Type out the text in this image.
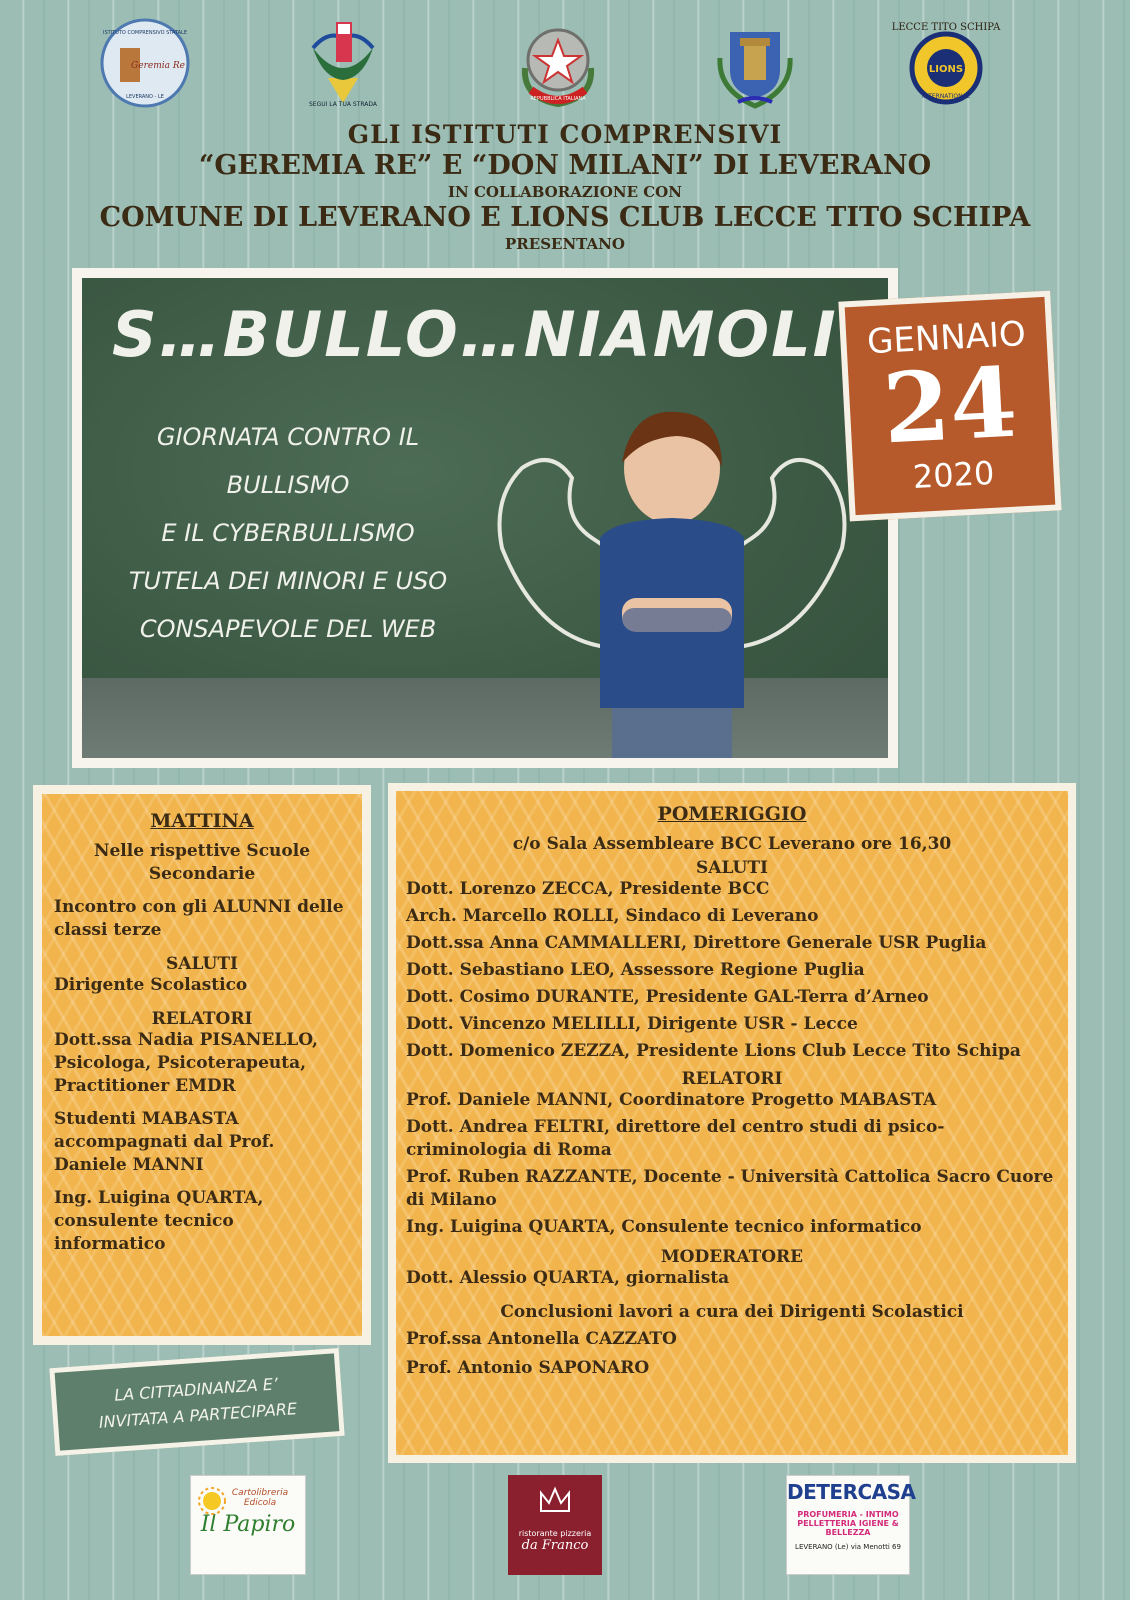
Geremia Re
ISTITUTO COMPRENSIVO STATALE
LEVERANO - LE
SEGUI LA TUA STRADA
REPUBBLICA ITALIANA
LIONS
LECCE TITO SCHIPA
INTERNATIONAL
GLI ISTITUTI COMPRENSIVI
“GEREMIA RE” E “DON MILANI” DI LEVERANO
IN COLLABORAZIONE CON
COMUNE DI LEVERANO E LIONS CLUB LECCE TITO SCHIPA
PRESENTANO
S…BULLO…NIAMOLI
GIORNATA CONTRO IL
BULLISMO
E IL CYBERBULLISMO
TUTELA DEI MINORI E USO
CONSAPEVOLE DEL WEB
GENNAIO
24
2020
MATTINA
Nelle rispettive Scuole Secondarie
Incontro con gli ALUNNI delle classi terze
SALUTI
Dirigente Scolastico
RELATORI
Dott.ssa Nadia PISANELLO, Psicologa, Psicoterapeuta, Practitioner EMDR
Studenti MABASTA accompagnati dal Prof. Daniele MANNI
Ing. Luigina QUARTA, consulente tecnico informatico
POMERIGGIO
c/o Sala Assembleare BCC Leverano ore 16,30
SALUTI
Dott. Lorenzo ZECCA, Presidente BCC
Arch. Marcello ROLLI, Sindaco di Leverano
Dott.ssa Anna CAMMALLERI, Direttore Generale USR Puglia
Dott. Sebastiano LEO, Assessore Regione Puglia
Dott. Cosimo DURANTE, Presidente GAL-Terra d’Arneo
Dott. Vincenzo MELILLI, Dirigente USR - Lecce
Dott. Domenico ZEZZA, Presidente Lions Club Lecce Tito Schipa
RELATORI
Prof. Daniele MANNI, Coordinatore Progetto MABASTA
Dott. Andrea FELTRI, direttore del centro studi di psico-criminologia di Roma
Prof. Ruben RAZZANTE, Docente - Università Cattolica Sacro Cuore di Milano
Ing. Luigina QUARTA, Consulente tecnico informatico
MODERATORE
Dott. Alessio QUARTA, giornalista
Conclusioni lavori a cura dei Dirigenti Scolastici
Prof.ssa Antonella CAZZATO
Prof. Antonio SAPONARO
LA CITTADINANZA E’
INVITATA A PARTECIPARE
Cartolibreria Edicola
Il Papiro	ristorante pizzeria
da Franco
DETERCASA
PROFUMERIA - INTIMO PELLETTERIA IGIENE & BELLEZZA
LEVERANO (Le) via Menotti 69
